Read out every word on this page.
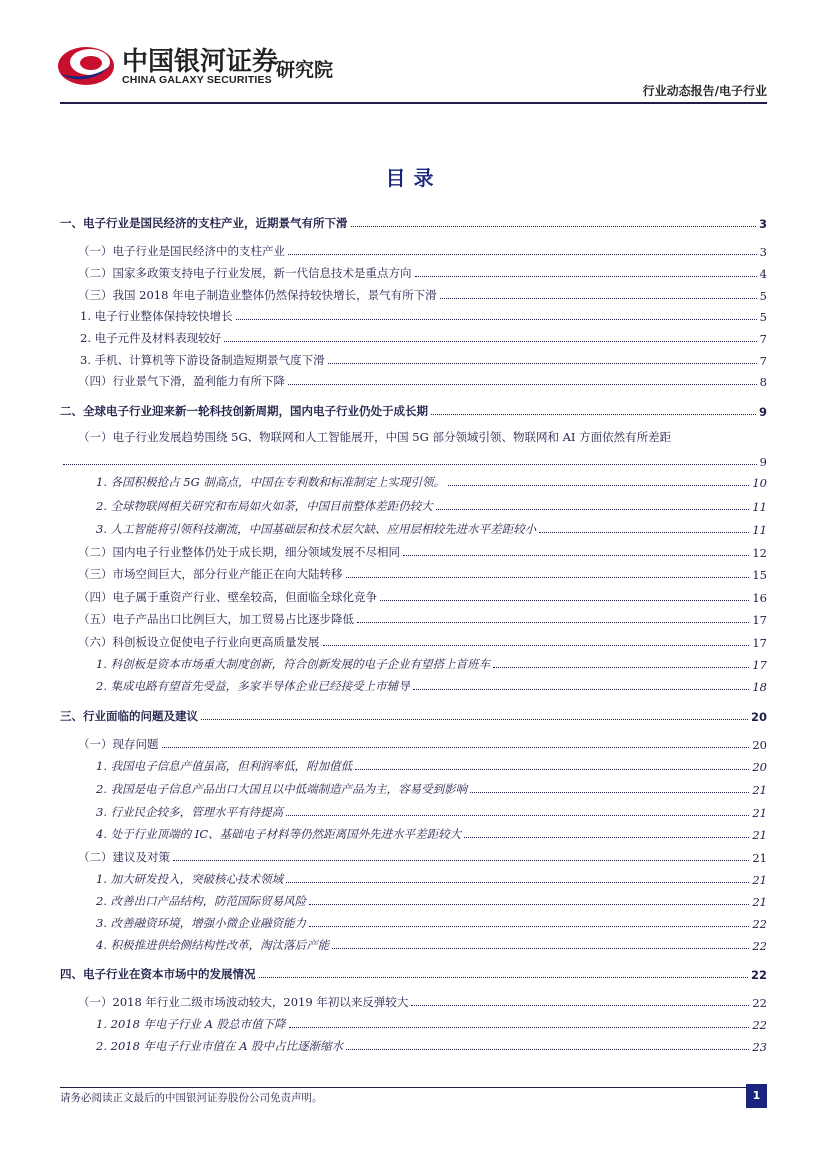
中国银河证券
CHINA GALAXY SECURITIES 研究院
行业动态报告/电子行业
目录
一、电子行业是国民经济的支柱产业，近期景气有所下滑	3
（一）电子行业是国民经济中的支柱产业	3
（二）国家多政策支持电子行业发展，新一代信息技术是重点方向	4
（三）我国 2018 年电子制造业整体仍然保持较快增长，景气有所下滑	5
1. 电子行业整体保持较快增长	5
2. 电子元件及材料表现较好	7
3. 手机、计算机等下游设备制造短期景气度下滑	7
（四）行业景气下滑，盈利能力有所下降	8
二、全球电子行业迎来新一轮科技创新周期，国内电子行业仍处于成长期	9
（一）电子行业发展趋势围绕 5G、物联网和人工智能展开，中国 5G 部分领域引领、物联网和 AI 方面依然有所差距
9
1. 各国积极抢占 5G 制高点，中国在专利数和标准制定上实现引领。	10
2. 全球物联网相关研究和布局如火如荼，中国目前整体差距仍较大	11
3. 人工智能将引领科技潮流，中国基础层和技术层欠缺、应用层相较先进水平差距较小	11
（二）国内电子行业整体仍处于成长期，细分领域发展不尽相同	12
（三）市场空间巨大，部分行业产能正在向大陆转移	15
（四）电子属于重资产行业、壁垒较高，但面临全球化竞争	16
（五）电子产品出口比例巨大，加工贸易占比逐步降低	17
（六）科创板设立促使电子行业向更高质量发展	17
1. 科创板是资本市场重大制度创新，符合创新发展的电子企业有望搭上首班车	17
2. 集成电路有望首先受益，多家半导体企业已经接受上市辅导	18
三、行业面临的问题及建议	20
（一）现存问题	20
1. 我国电子信息产值虽高，但利润率低，附加值低	20
2. 我国是电子信息产品出口大国且以中低端制造产品为主，容易受到影响	21
3. 行业民企较多，管理水平有待提高	21
4. 处于行业顶端的 IC、基础电子材料等仍然距离国外先进水平差距较大	21
（二）建议及对策	21
1. 加大研发投入，突破核心技术领域	21
2. 改善出口产品结构，防范国际贸易风险	21
3. 改善融资环境，增强小微企业融资能力	22
4. 积极推进供给侧结构性改革，淘汰落后产能	22
四、电子行业在资本市场中的发展情况	22
（一）2018 年行业二级市场波动较大，2019 年初以来反弹较大	22
1. 2018 年电子行业 A 股总市值下降	22
2. 2018 年电子行业市值在 A 股中占比逐渐缩水	23
请务必阅读正文最后的中国银河证券股份公司免责声明。	1
